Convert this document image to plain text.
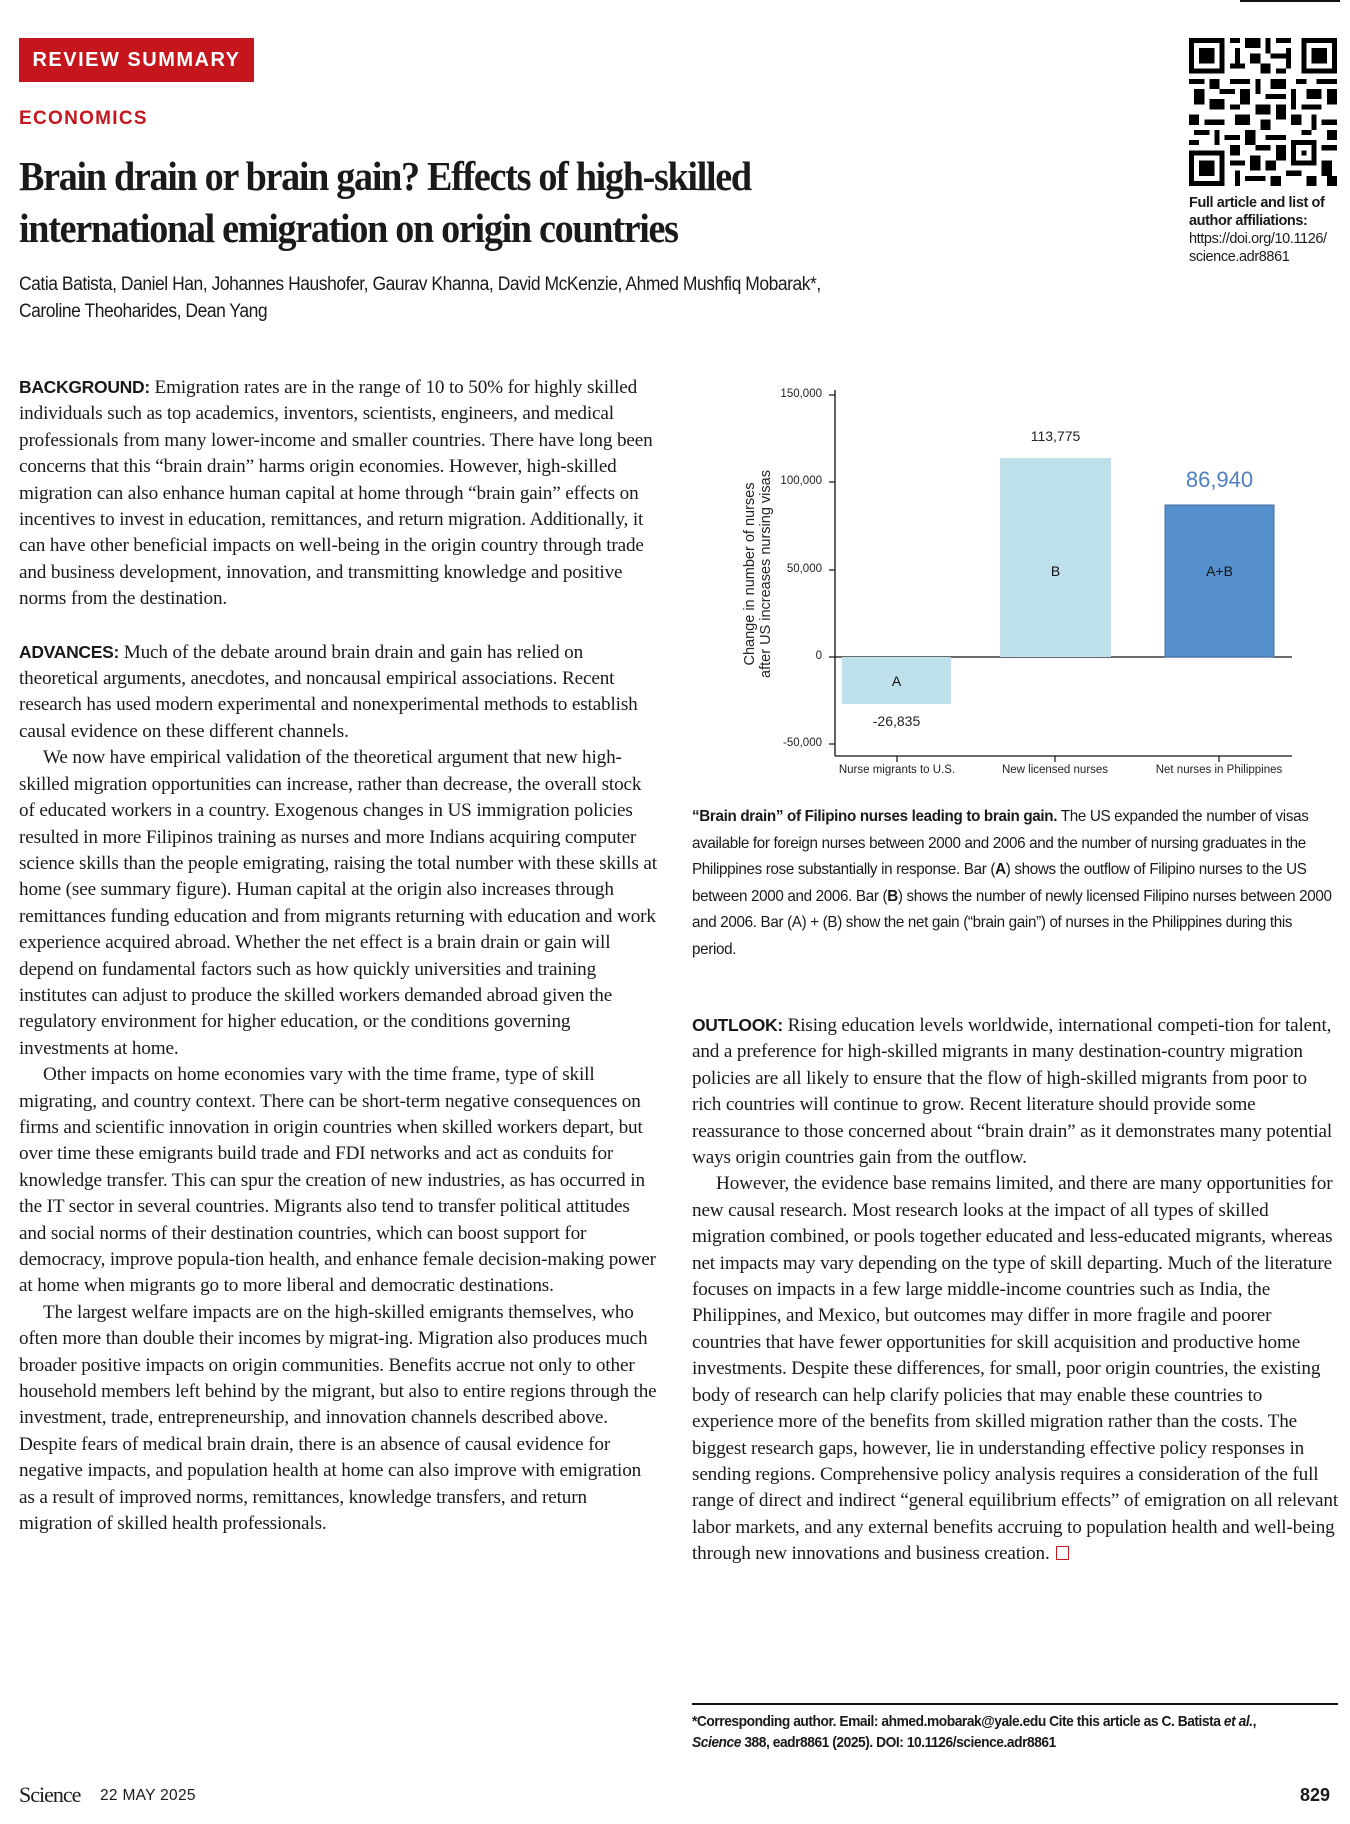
REVIEW SUMMARY
ECONOMICS
Brain drain or brain gain? Effects of high-skilled
international emigration on origin countries
Catia Batista, Daniel Han, Johannes Haushofer, Gaurav Khanna, David McKenzie, Ahmed Mushfiq Mobarak*,
Caroline Theoharides, Dean Yang
Full article and list of
author affiliations:
https://doi.org/10.1126/
science.adr8861

BACKGROUND: Emigration rates are in the range of 10 to 50% for highly skilled individuals such as top academics, inventors, scientists, engineers, and medical professionals from many lower-income and smaller countries. There have long been concerns that this “brain drain” harms origin economies. However, high-skilled migration can also enhance human capital at home through “brain gain” effects on incentives to invest in education, remittances, and return migration. Additionally, it can have other beneficial impacts on well-being in the origin country through trade and business development, innovation, and transmitting knowledge and positive norms from the destination.

ADVANCES: Much of the debate around brain drain and gain has relied on theoretical arguments, anecdotes, and noncausal empirical associations. Recent research has used modern experimental and nonexperimental methods to establish causal evidence on these different channels.

We now have empirical validation of the theoretical argument that new high-skilled migration opportunities can increase, rather than decrease, the overall stock of educated workers in a country. Exogenous changes in US immigration policies resulted in more Filipinos training as nurses and more Indians acquiring computer science skills than the people emigrating, raising the total number with these skills at home (see summary figure). Human capital at the origin also increases through remittances funding education and from migrants returning with education and work experience acquired abroad. Whether the net effect is a brain drain or gain will depend on fundamental factors such as how quickly universities and training institutes can adjust to produce the skilled workers demanded abroad given the regulatory environment for higher education, or the conditions governing investments at home.

Other impacts on home economies vary with the time frame, type of skill migrating, and country context. There can be short-term negative consequences on firms and scientific innovation in origin countries when skilled workers depart, but over time these emigrants build trade and FDI networks and act as conduits for knowledge transfer. This can spur the creation of new industries, as has occurred in the IT sector in several countries. Migrants also tend to transfer political attitudes and social norms of their destination countries, which can boost support for democracy, improve popula-tion health, and enhance female decision-making power at home when migrants go to more liberal and democratic destinations.

The largest welfare impacts are on the high-skilled emigrants themselves, who often more than double their incomes by migrat-ing. Migration also produces much broader positive impacts on origin communities. Benefits accrue not only to other household members left behind by the migrant, but also to entire regions through the investment, trade, entrepreneurship, and innovation channels described above. Despite fears of medical brain drain, there is an absence of causal evidence for negative impacts, and population health at home can also improve with emigration as a result of improved norms, remittances, knowledge transfers, and return migration of skilled health professionals.

150,000
100,000
50,000
0
-50,000
Change in number of nurses after US increases nursing visas
Nurse migrants to U.S.	New licensed nurses	Net nurses in Philippines
-26,835
113,775
86,940
A
B	A+B
“Brain drain” of Filipino nurses leading to brain gain. The US expanded the number of visas available for foreign nurses between 2000 and 2006 and the number of nursing graduates in the Philippines rose substantially in response. Bar (A) shows the outflow of Filipino nurses to the US between 2000 and 2006. Bar (B) shows the number of newly licensed Filipino nurses between 2000 and 2006. Bar (A) + (B) show the net gain (“brain gain”) of nurses in the Philippines during this period.

OUTLOOK: Rising education levels worldwide, international competi-tion for talent, and a preference for high-skilled migrants in many destination-country migration policies are all likely to ensure that the flow of high-skilled migrants from poor to rich countries will continue to grow. Recent literature should provide some reassurance to those concerned about “brain drain” as it demonstrates many potential ways origin countries gain from the outflow.

However, the evidence base remains limited, and there are many opportunities for new causal research. Most research looks at the impact of all types of skilled migration combined, or pools together educated and less-educated migrants, whereas net impacts may vary depending on the type of skill departing. Much of the literature focuses on impacts in a few large middle-income countries such as India, the Philippines, and Mexico, but outcomes may differ in more fragile and poorer countries that have fewer opportunities for skill acquisition and productive home investments. Despite these differences, for small, poor origin countries, the existing body of research can help clarify policies that may enable these countries to experience more of the benefits from skilled migration rather than the costs. The biggest research gaps, however, lie in understanding effective policy responses in sending regions. Comprehensive policy analysis requires a consideration of the full range of direct and indirect “general equilibrium effects” of emigration on all relevant labor markets, and any external benefits accruing to population health and well-being through new innovations and business creation.

*Corresponding author. Email: ahmed.mobarak@yale.edu Cite this article as C. Batista et al.,
Science 388, eadr8861 (2025). DOI: 10.1126/science.adr8861
Science 22 MAY 2025	829
